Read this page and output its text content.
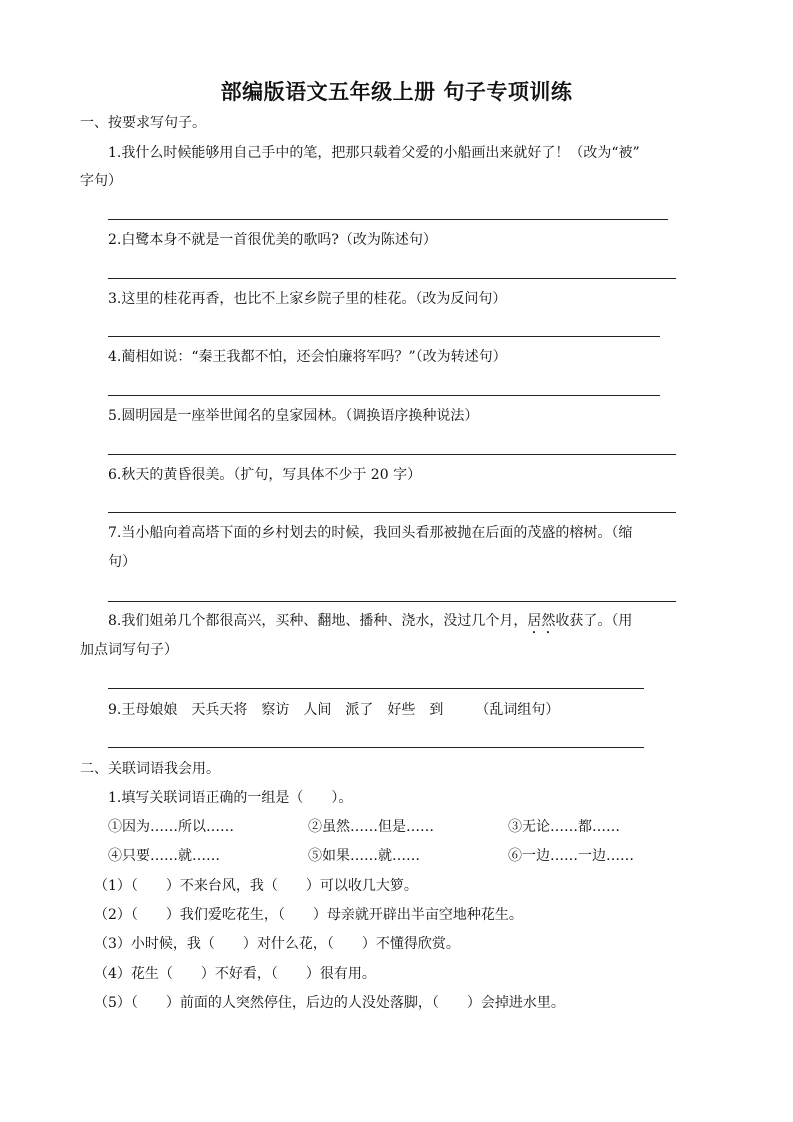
部编版语文五年级上册 句子专项训练
一、按要求写句子。
1.我什么时候能够用自己手中的笔，把那只载着父爱的小船画出来就好了！（改为“被”
字句）
2.白鹭本身不就是一首很优美的歌吗?（改为陈述句）
3.这里的桂花再香，也比不上家乡院子里的桂花。（改为反问句）
4.蔺相如说：“秦王我都不怕，还会怕廉将军吗？”（改为转述句）
5.圆明园是一座举世闻名的皇家园林。（调换语序换种说法）
6.秋天的黄昏很美。（扩句，写具体不少于 20 字）
7.当小船向着高塔下面的乡村划去的时候，我回头看那被抛在后面的茂盛的榕树。（缩
句）
8.我们姐弟几个都很高兴，买种、翻地、播种、浇水，没过几个月，居然收获了。（用
加点词写句子）
9.王母娘娘 天兵天将 察访 人间 派了 好些 到 （乱词组句）
二、关联词语我会用。
1.填写关联词语正确的一组是（　　）。
①因为……所以……	②虽然……但是……	③无论……都……
④只要……就……	⑤如果……就……	⑥一边……一边……
（1）（　　）不来台风，我（　　）可以收几大箩。
（2）（　　）我们爱吃花生，（　　）母亲就开辟出半亩空地种花生。
（3）小时候，我（　　）对什么花，（　　）不懂得欣赏。
（4）花生（　　）不好看，（　　）很有用。
（5）（　　）前面的人突然停住，后边的人没处落脚，（　　）会掉进水里。
